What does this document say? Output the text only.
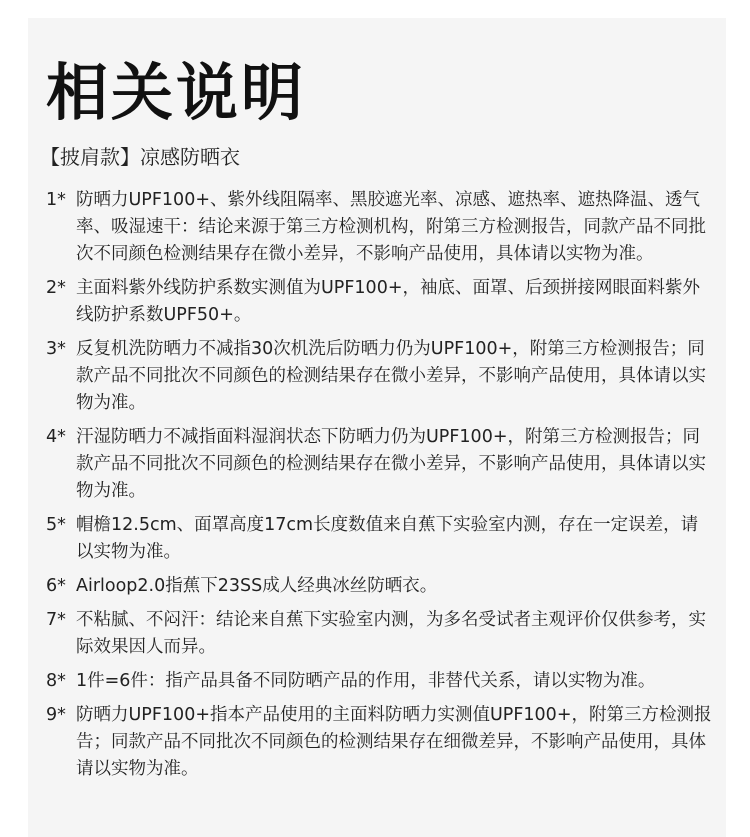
相关说明
【披肩款】凉感防晒衣
1* 防晒力UPF100+、紫外线阻隔率、黑胶遮光率、凉感、遮热率、遮热降温、透气率、吸湿速干：结论来源于第三方检测机构，附第三方检测报告，同款产品不同批次不同颜色检测结果存在微小差异，不影响产品使用，具体请以实物为准。
2* 主面料紫外线防护系数实测值为UPF100+，袖底、面罩、后颈拼接网眼面料紫外线防护系数UPF50+。
3* 反复机洗防晒力不减指30次机洗后防晒力仍为UPF100+，附第三方检测报告；同款产品不同批次不同颜色的检测结果存在微小差异，不影响产品使用，具体请以实物为准。
4* 汗湿防晒力不减指面料湿润状态下防晒力仍为UPF100+，附第三方检测报告；同款产品不同批次不同颜色的检测结果存在微小差异，不影响产品使用，具体请以实物为准。
5* 帽檐12.5cm、面罩高度17cm长度数值来自蕉下实验室内测，存在一定误差，请以实物为准。
6* Airloop2.0指蕉下23SS成人经典冰丝防晒衣。
7* 不粘腻、不闷汗：结论来自蕉下实验室内测，为多名受试者主观评价仅供参考，实际效果因人而异。
8* 1件=6件：指产品具备不同防晒产品的作用，非替代关系，请以实物为准。
9* 防晒力UPF100+指本产品使用的主面料防晒力实测值UPF100+，附第三方检测报告；同款产品不同批次不同颜色的检测结果存在细微差异，不影响产品使用，具体请以实物为准。
